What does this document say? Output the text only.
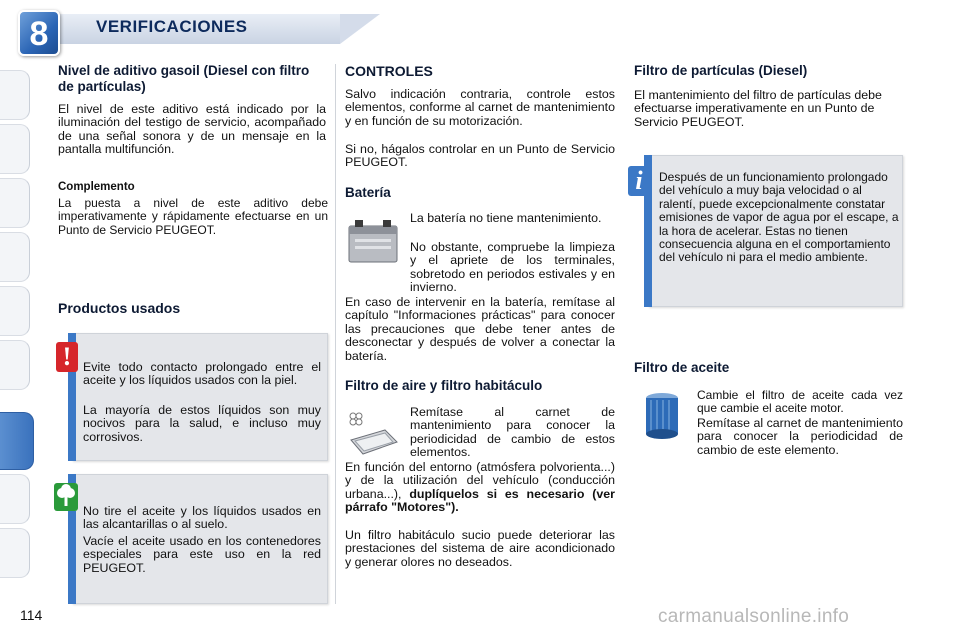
VERIFICACIONES
8
Nivel de aditivo gasoil (Diesel con filtro de partículas)
El nivel de este aditivo está indicado por la iluminación del testigo de servicio, acompañado de una señal sonora y de un mensaje en la pantalla multifunción.
Complemento
La puesta a nivel de este aditivo debe imperativamente y rápidamente efectuarse en un Punto de Servicio PEUGEOT.
Productos usados
! Evite todo contacto prolongado entre el aceite y los líquidos usados con la piel.
La mayoría de estos líquidos son muy nocivos para la salud, e incluso muy corrosivos.
No tire el aceite y los líquidos usados en las alcantarillas o al suelo.
Vacíe el aceite usado en los contenedores especiales para este uso en la red PEUGEOT.
CONTROLES
Salvo indicación contraria, controle estos elementos, conforme al carnet de mantenimiento y en función de su motorización.
Si no, hágalos controlar en un Punto de Servicio PEUGEOT.
Batería
La batería no tiene mantenimiento.
No obstante, compruebe la limpieza y el apriete de los terminales, sobretodo en periodos estivales y en invierno.
En caso de intervenir en la batería, remítase al capítulo "Informaciones prácticas" para conocer las precauciones que debe tener antes de desconectar y después de volver a conectar la batería.
Filtro de aire y filtro habitáculo
Remítase al carnet de mantenimiento para conocer la periodicidad de cambio de estos elementos.
En función del entorno (atmósfera polvorienta...) y de la utilización del vehículo (conducción urbana...), duplíquelos si es necesario (ver párrafo "Motores").
Un filtro habitáculo sucio puede deteriorar las prestaciones del sistema de aire acondicionado y generar olores no deseados.
Filtro de partículas (Diesel)
El mantenimiento del filtro de partículas debe efectuarse imperativamente en un Punto de Servicio PEUGEOT.
i	Después de un funcionamiento prolongado del vehículo a muy baja velocidad o al ralentí, puede excepcionalmente constatar emisiones de vapor de agua por el escape, a la hora de acelerar. Estas no tienen consecuencia alguna en el comportamiento del vehículo ni para el medio ambiente.
Filtro de aceite
Cambie el filtro de aceite cada vez que cambie el aceite motor.
Remítase al carnet de mantenimiento para conocer la periodicidad de cambio de este elemento.
114	carmanualsonline.info
